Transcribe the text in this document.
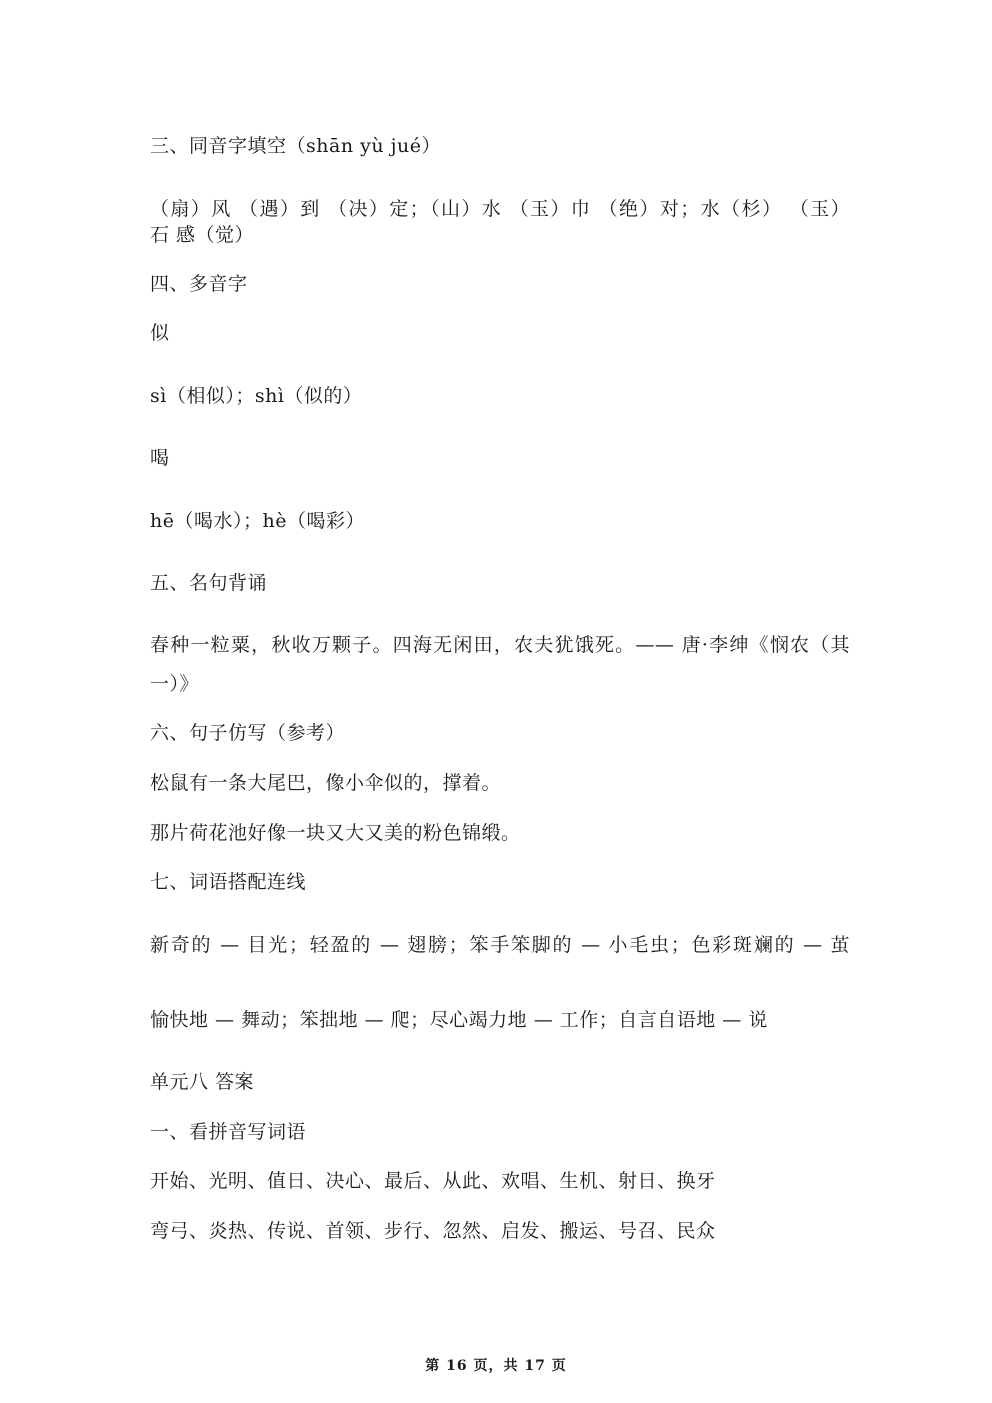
三、同音字填空（shān yù jué）
（扇）风 （遇）到 （决）定；（山）水 （玉）巾 （绝）对；水（杉） （玉）
石 感（觉）
四、多音字
似
sì（相似）；shì（似的）
喝
hē（喝水）；hè（喝彩）
五、名句背诵
春种一粒粟，秋收万颗子。四海无闲田，农夫犹饿死。—— 唐·李绅《悯农（其
一）》
六、句子仿写（参考）
松鼠有一条大尾巴，像小伞似的，撑着。
那片荷花池好像一块又大又美的粉色锦缎。
七、词语搭配连线
新奇的 — 目光；轻盈的 — 翅膀；笨手笨脚的 — 小毛虫；色彩斑斓的 — 茧
愉快地 — 舞动；笨拙地 — 爬；尽心竭力地 — 工作；自言自语地 — 说
单元八 答案
一、看拼音写词语
开始、光明、值日、决心、最后、从此、欢唱、生机、射日、换牙
弯弓、炎热、传说、首领、步行、忽然、启发、搬运、号召、民众
第 16 页，共 17 页
